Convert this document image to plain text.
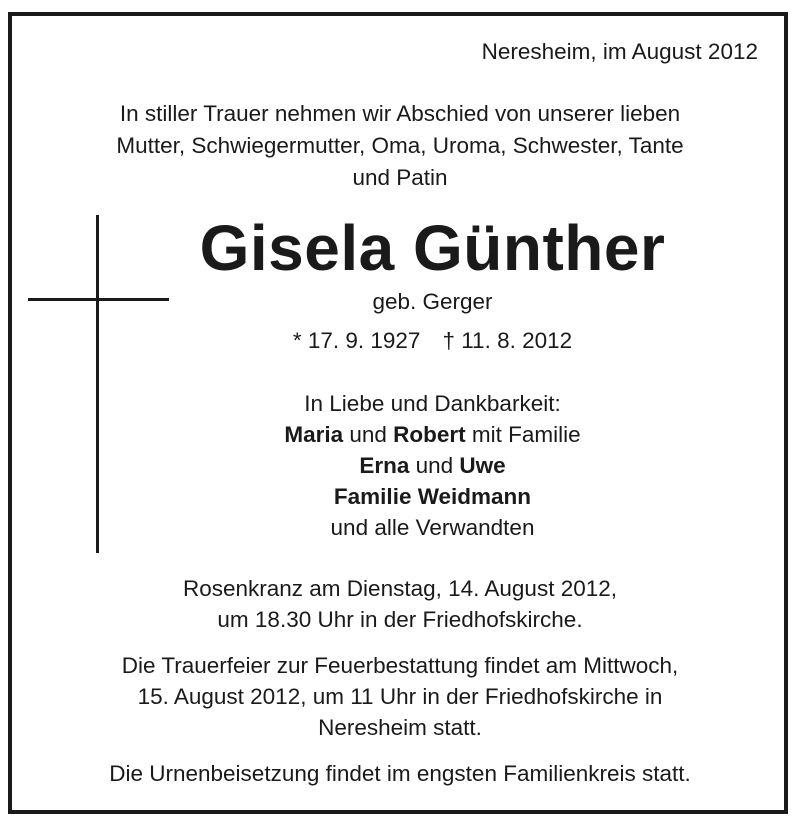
Neresheim, im August 2012
In stiller Trauer nehmen wir Abschied von unserer lieben
Mutter, Schwiegermutter, Oma, Uroma, Schwester, Tante
und Patin
Gisela Günther
geb. Gerger
* 17. 9. 1927 † 11. 8. 2012
In Liebe und Dankbarkeit:
Maria und Robert mit Familie
Erna und Uwe
Familie Weidmann
und alle Verwandten
Rosenkranz am Dienstag, 14. August 2012,
um 18.30 Uhr in der Friedhofskirche.
Die Trauerfeier zur Feuerbestattung findet am Mittwoch,
15. August 2012, um 11 Uhr in der Friedhofskirche in
Neresheim statt.
Die Urnenbeisetzung findet im engsten Familienkreis statt.
